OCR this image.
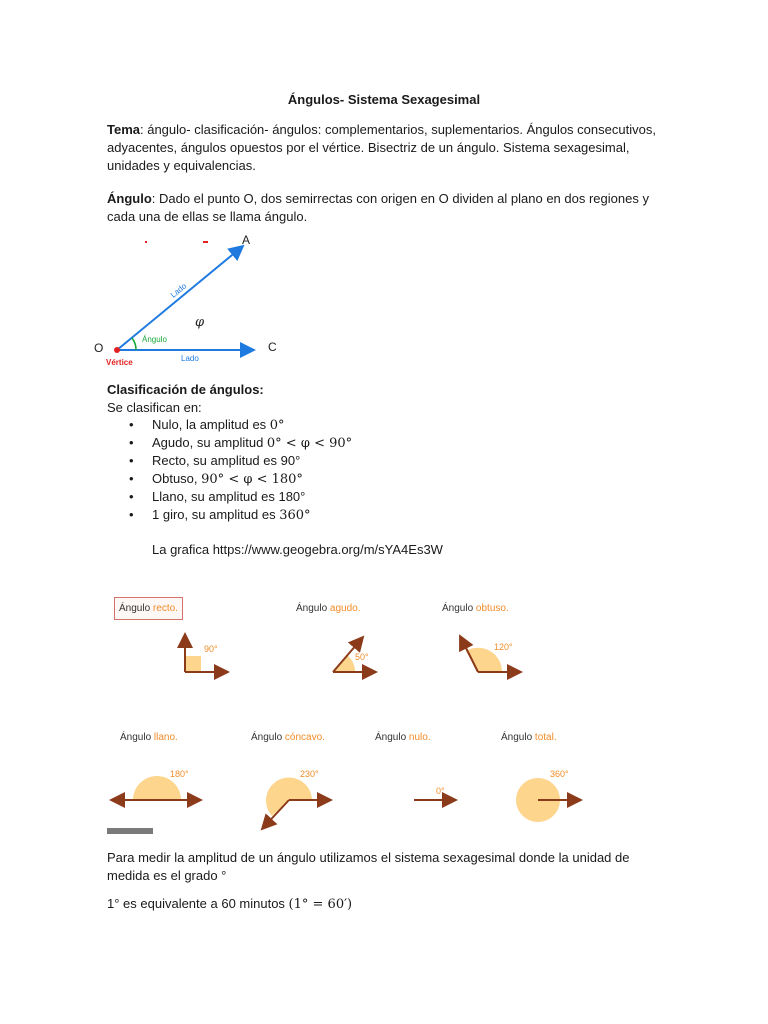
Ángulos- Sistema Sexagesimal
Tema: ángulo- clasificación- ángulos: complementarios, suplementarios. Ángulos consecutivos, adyacentes, ángulos opuestos por el vértice. Bisectriz de un ángulo. Sistema sexagesimal, unidades y equivalencias.
Ángulo: Dado el punto O, dos semirrectas con origen en O dividen al plano en dos regiones y cada una de ellas se llama ángulo.
A
O	C
φ
Lado
Lado
Ángulo
Vértice
Clasificación de ángulos:
Se clasifican en:
• Nulo, la amplitud es 0°
• Agudo, su amplitud 0° < φ < 90°
• Recto, su amplitud es 90°
• Obtuso, 90° < φ < 180°
• Llano, su amplitud es 180°
• 1 giro, su amplitud es 360°
La grafica https://www.geogebra.org/m/sYA4Es3W
Ángulo recto.	Ángulo agudo.	Ángulo obtuso.
90°
50°
120°
180°	230°
0°
360°
Ángulo llano.	Ángulo cóncavo.	Ángulo nulo.	Ángulo total.
Para medir la amplitud de un ángulo utilizamos el sistema sexagesimal donde la unidad de medida es el grado °
1° es equivalente a 60 minutos (1° = 60′)
